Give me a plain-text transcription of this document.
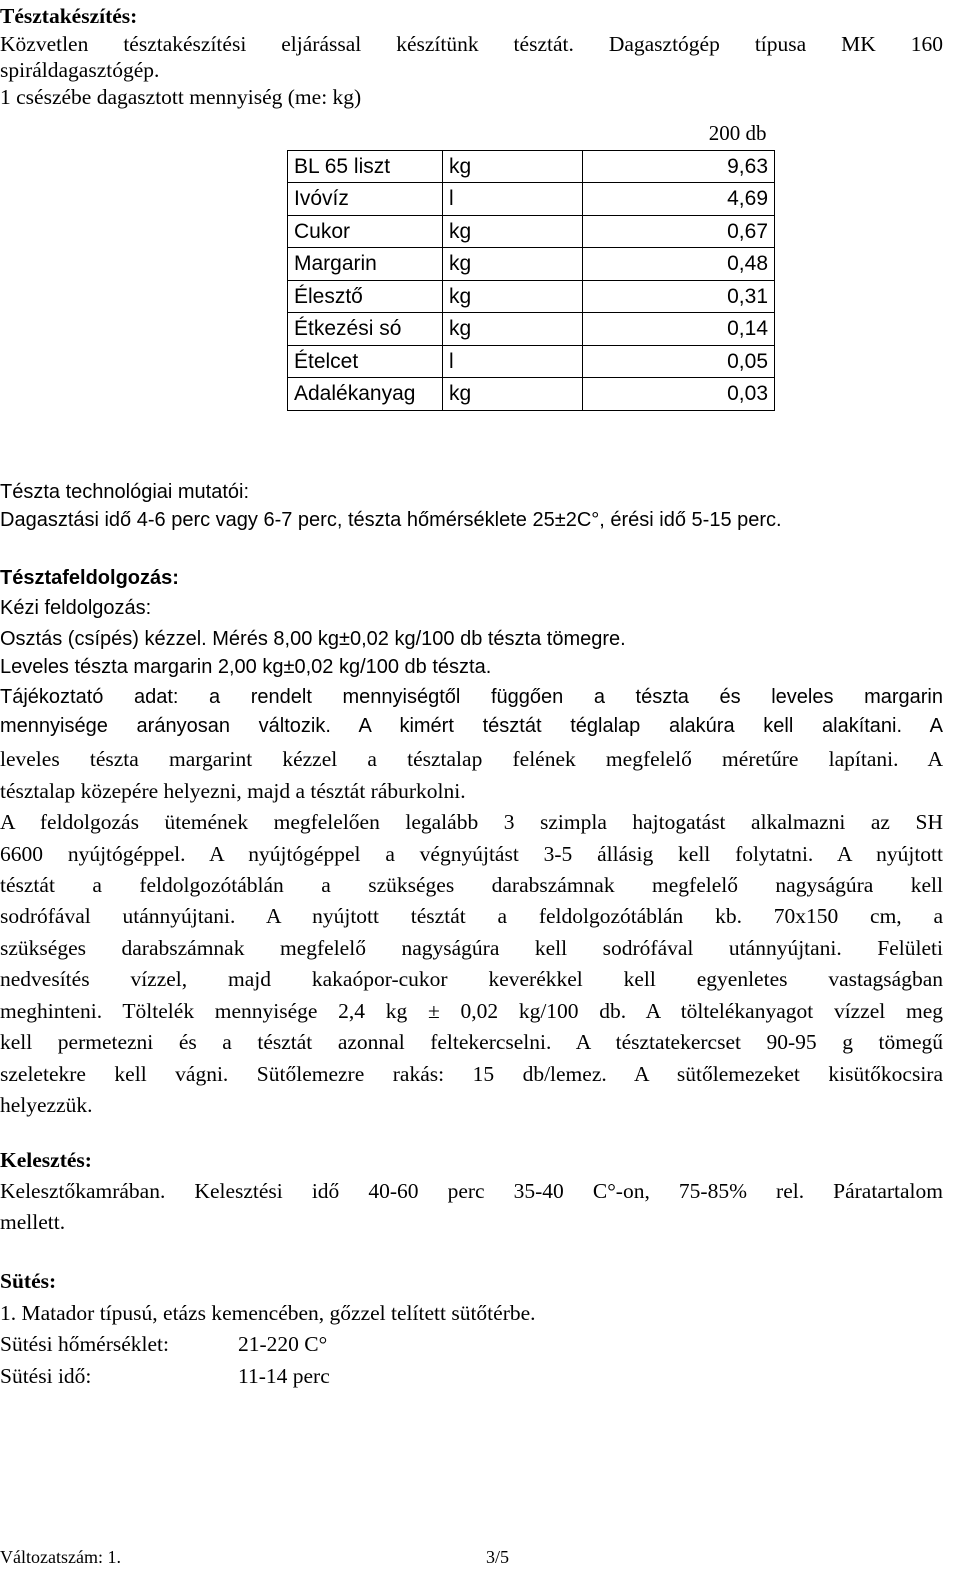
Tésztakészítés:
Közvetlen tésztakészítési eljárással készítünk tésztát. Dagasztógép típusa MK 160
spiráldagasztógép.
1 csészébe dagasztott mennyiség (me: kg)
		200 db
BL 65 liszt	kg	9,63
Ivóvíz	l	4,69
Cukor	kg	0,67
Margarin	kg	0,48
Élesztő	kg	0,31
Étkezési só	kg	0,14
Ételcet	l	0,05
Adalékanyag	kg	0,03
Tészta technológiai mutatói:
Dagasztási idő 4-6 perc vagy 6-7 perc, tészta hőmérséklete 25±2C°, érési idő 5-15 perc.
Tésztafeldolgozás:
Kézi feldolgozás:
Osztás (csípés) kézzel. Mérés 8,00 kg±0,02 kg/100 db tészta tömegre.
Leveles tészta margarin 2,00 kg±0,02 kg/100 db tészta.
Tájékoztató adat: a rendelt mennyiségtől függően a tészta és leveles margarin
mennyisége arányosan változik. A kimért tésztát téglalap alakúra kell alakítani. A
leveles tészta margarint kézzel a tésztalap felének megfelelő méretűre lapítani. A
tésztalap közepére helyezni, majd a tésztát ráburkolni.
A feldolgozás ütemének megfelelően legalább 3 szimpla hajtogatást alkalmazni az SH
6600 nyújtógéppel. A nyújtógéppel a végnyújtást 3-5 állásig kell folytatni. A nyújtott
tésztát a feldolgozótáblán a szükséges darabszámnak megfelelő nagyságúra kell
sodrófával utánnyújtani. A nyújtott tésztát a feldolgozótáblán kb. 70x150 cm, a
szükséges darabszámnak megfelelő nagyságúra kell sodrófával utánnyújtani. Felületi
nedvesítés vízzel, majd kakaópor-cukor keverékkel kell egyenletes vastagságban
meghinteni. Töltelék mennyisége 2,4 kg ± 0,02 kg/100 db. A töltelékanyagot vízzel meg
kell permetezni és a tésztát azonnal feltekercselni. A tésztatekercset 90-95 g tömegű
szeletekre kell vágni. Sütőlemezre rakás: 15 db/lemez. A sütőlemezeket kisütőkocsira
helyezzük.
Kelesztés:
Kelesztőkamrában. Kelesztési idő 40-60 perc 35-40 C°-on, 75-85% rel. Páratartalom
mellett.
Sütés:
1. Matador típusú, etázs kemencében, gőzzel telített sütőtérbe.
Sütési hőmérséklet:	21-220 C°
Sütési idő:	11-14 perc
Változatszám: 1.	3/5
